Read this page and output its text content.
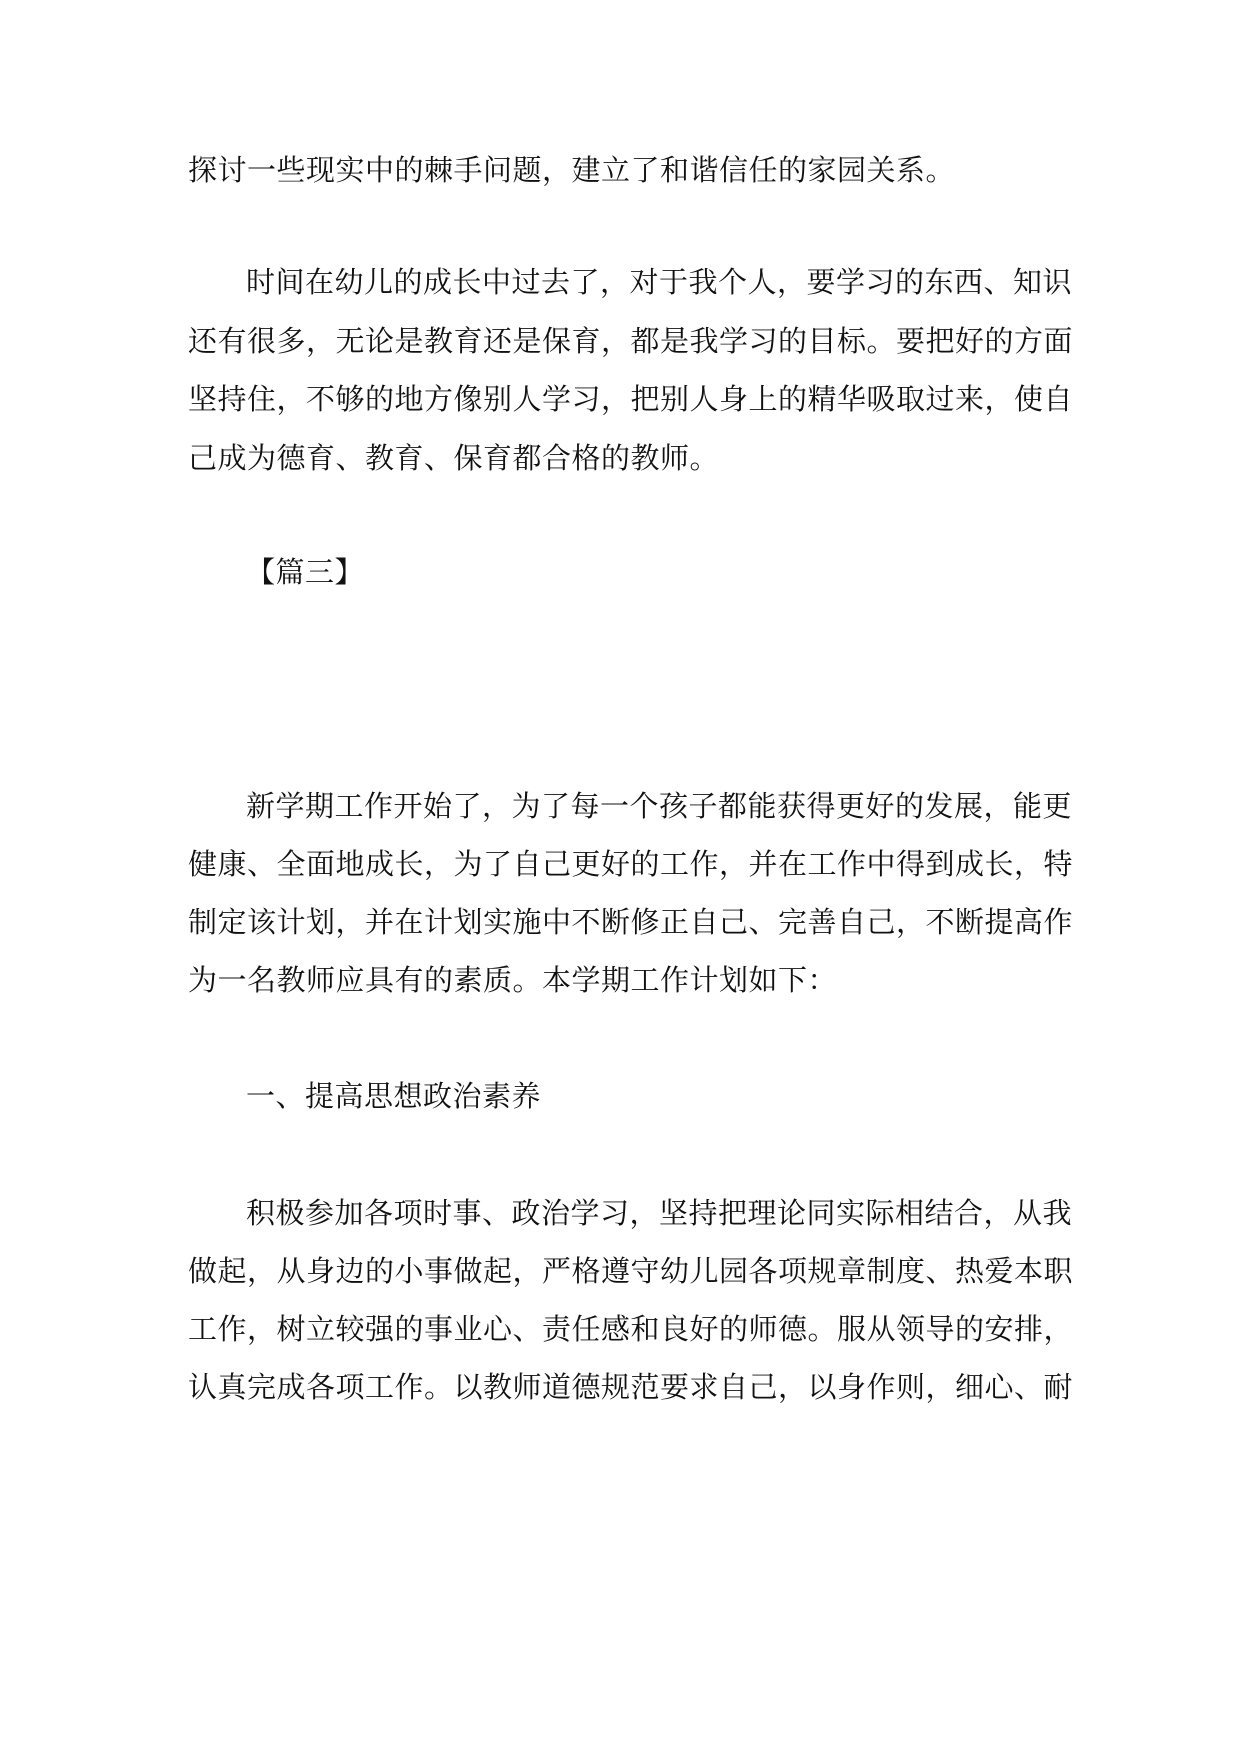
探讨一些现实中的棘手问题，建立了和谐信任的家园关系。
时间在幼儿的成长中过去了，对于我个人，要学习的东西、知识
还有很多，无论是教育还是保育，都是我学习的目标。要把好的方面
坚持住，不够的地方像别人学习，把别人身上的精华吸取过来，使自
己成为德育、教育、保育都合格的教师。
【篇三】
新学期工作开始了，为了每一个孩子都能获得更好的发展，能更
健康、全面地成长，为了自己更好的工作，并在工作中得到成长，特
制定该计划，并在计划实施中不断修正自己、完善自己，不断提高作
为一名教师应具有的素质。本学期工作计划如下：
一、提高思想政治素养
积极参加各项时事、政治学习，坚持把理论同实际相结合，从我
做起，从身边的小事做起，严格遵守幼儿园各项规章制度、热爱本职
工作，树立较强的事业心、责任感和良好的师德。服从领导的安排，
认真完成各项工作。以教师道德规范要求自己，以身作则，细心、耐
